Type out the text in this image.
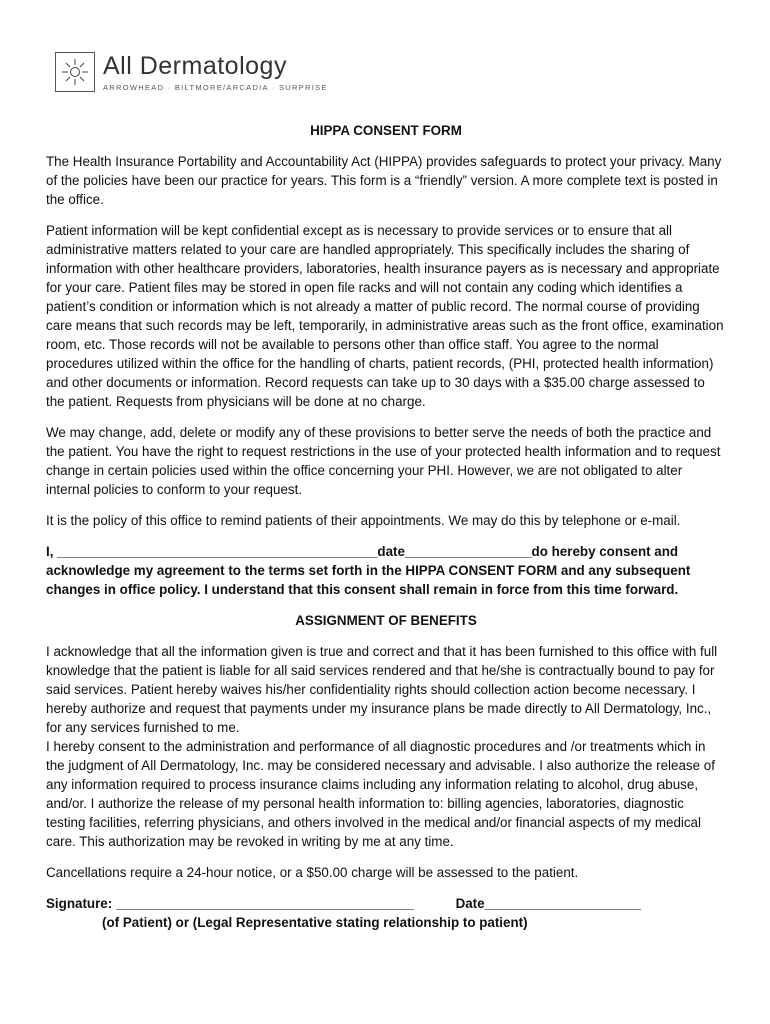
All Dermatology
ARROWHEAD · BILTMORE/ARCADIA · SURPRISE
HIPPA CONSENT FORM

The Health Insurance Portability and Accountability Act (HIPPA) provides safeguards to protect your privacy. Many of the policies have been our practice for years. This form is a “friendly” version. A more complete text is posted in the office.

Patient information will be kept confidential except as is necessary to provide services or to ensure that all administrative matters related to your care are handled appropriately. This specifically includes the sharing of information with other healthcare providers, laboratories, health insurance payers as is necessary and appropriate for your care. Patient files may be stored in open file racks and will not contain any coding which identifies a patient’s condition or information which is not already a matter of public record. The normal course of providing care means that such records may be left, temporarily, in administrative areas such as the front office, examination room, etc. Those records will not be available to persons other than office staff. You agree to the normal procedures utilized within the office for the handling of charts, patient records, (PHI, protected health information) and other documents or information. Record requests can take up to 30 days with a $35.00 charge assessed to the patient. Requests from physicians will be done at no charge.

We may change, add, delete or modify any of these provisions to better serve the needs of both the practice and the patient. You have the right to request restrictions in the use of your protected health information and to request change in certain policies used within the office concerning your PHI. However, we are not obligated to alter internal policies to conform to your request.

It is the policy of this office to remind patients of their appointments. We may do this by telephone or e-mail.

I, ___________________________________________date_________________do hereby consent and acknowledge my agreement to the terms set forth in the HIPPA CONSENT FORM and any subsequent changes in office policy. I understand that this consent shall remain in force from this time forward.

ASSIGNMENT OF BENEFITS

I acknowledge that all the information given is true and correct and that it has been furnished to this office with full knowledge that the patient is liable for all said services rendered and that he/she is contractually bound to pay for said services. Patient hereby waives his/her confidentiality rights should collection action become necessary. I hereby authorize and request that payments under my insurance plans be made directly to All Dermatology, Inc., for any services furnished to me.

I hereby consent to the administration and performance of all diagnostic procedures and /or treatments which in the judgment of All Dermatology, Inc. may be considered necessary and advisable. I also authorize the release of any information required to process insurance claims including any information relating to alcohol, drug abuse, and/or. I authorize the release of my personal health information to: billing agencies, laboratories, diagnostic testing facilities, referring physicians, and others involved in the medical and/or financial aspects of my medical care. This authorization may be revoked in writing by me at any time.

Cancellations require a 24-hour notice, or a $50.00 charge will be assessed to the patient.

Signature: ________________________________________	Date_____________________
(of Patient) or (Legal Representative stating relationship to patient)
